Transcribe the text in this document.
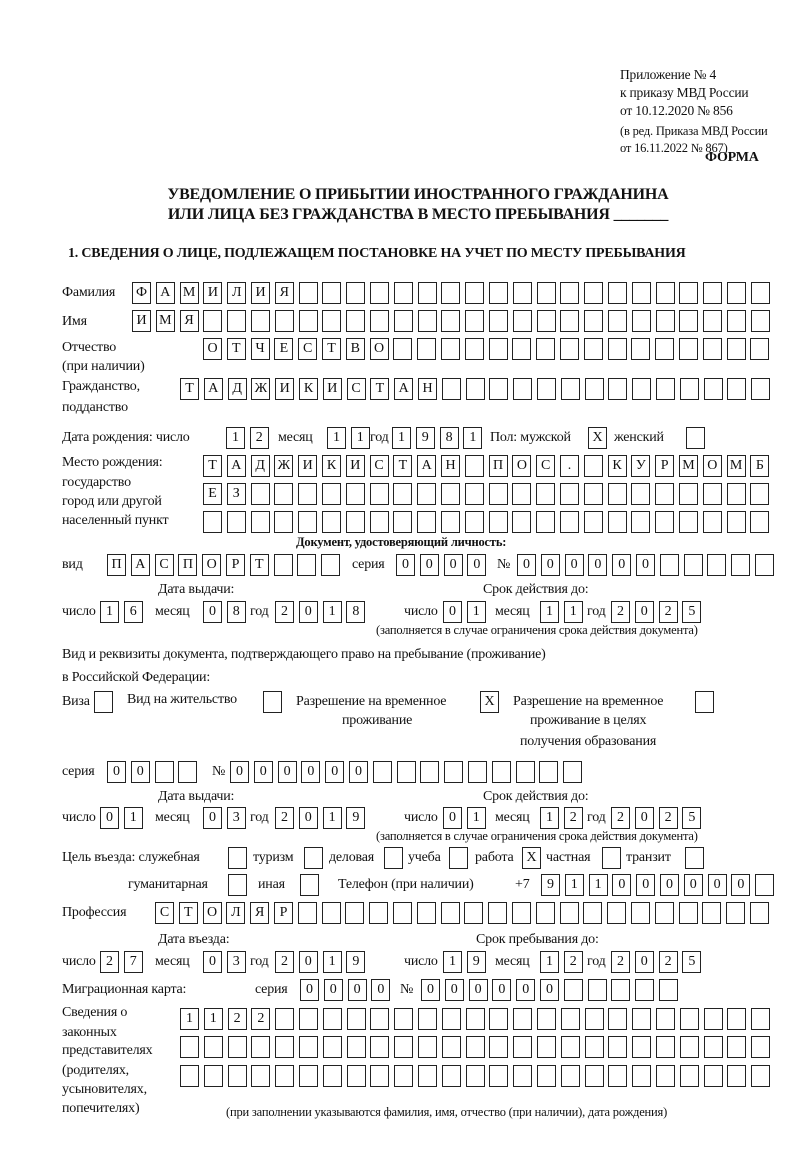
Приложение № 4
к приказу МВД России
от 10.12.2020 № 856
(в ред. Приказа МВД России
от 16.11.2022 № 867)
ФОРМА
УВЕДОМЛЕНИЕ О ПРИБЫТИИ ИНОСТРАННОГО ГРАЖДАНИНА
ИЛИ ЛИЦА БЕЗ ГРАЖДАНСТВА В МЕСТО ПРЕБЫВАНИЯ _______
1. СВЕДЕНИЯ О ЛИЦЕ, ПОДЛЕЖАЩЕМ ПОСТАНОВКЕ НА УЧЕТ ПО МЕСТУ ПРЕБЫВАНИЯ
Фамилия Ф А М И Л	И	Я
Имя	И М Я
Отчество
(при наличии)
О	Т	Ч	Е	С	Т	В	О
Гражданство,
подданство
Т	А Д Ж И	К	И	С	Т	А Н
Дата рождения: число	1	2	месяц	1	1 год 1	9	8	1 Пол: мужской	X женский
Место рождения:
государство
город или другой
населенный пункт
Т	А Д Ж И	К	И	С	Т	А Н	П О	С	.	К	У	Р М О М Б
Е	З
Документ, удостоверяющий личность:
вид	П А	С	П О	Р	Т	серия	0	0	0	0	№ 0	0	0	0	0	0
Дата выдачи:	Срок действия до:
число 1	6	месяц	0	8 год 2	0	1	8	число 0	1	месяц	1	1 год 2	0	2	5
(заполняется в случае ограничения срока действия документа)
Вид и реквизиты документа, подтверждающего право на пребывание (проживание)
в Российской Федерации:
Виза	Вид на жительство	Разрешение на временное
проживание
X	Разрешение на временное
проживание в целях
получения образования
серия	0	0	№ 0	0	0	0	0	0
Дата выдачи:	Срок действия до:
число 0	1	месяц	0	3 год 2	0	1	9	число 0	1	месяц	1	2 год 2	0	2	5
(заполняется в случае ограничения срока действия документа)
Цель въезда: служебная	туризм	деловая учеба работа X частная	транзит
гуманитарная	иная	Телефон (при наличии)	+7	9	1	1	0	0	0	0	0	0
Профессия	С	Т	О Л	Я	Р
Дата въезда:	Срок пребывания до:
число 2	7	месяц	0	3 год 2	0	1	9	число 1	9	месяц	1	2 год 2	0	2	5
Миграционная карта:	серия	0	0	0	0	№ 0	0	0	0	0	0
Сведения о
законных
представителях
(родителях,
усыновителях,
попечителях)
1	1	2	2
(при заполнении указываются фамилия, имя, отчество (при наличии), дата рождения)
